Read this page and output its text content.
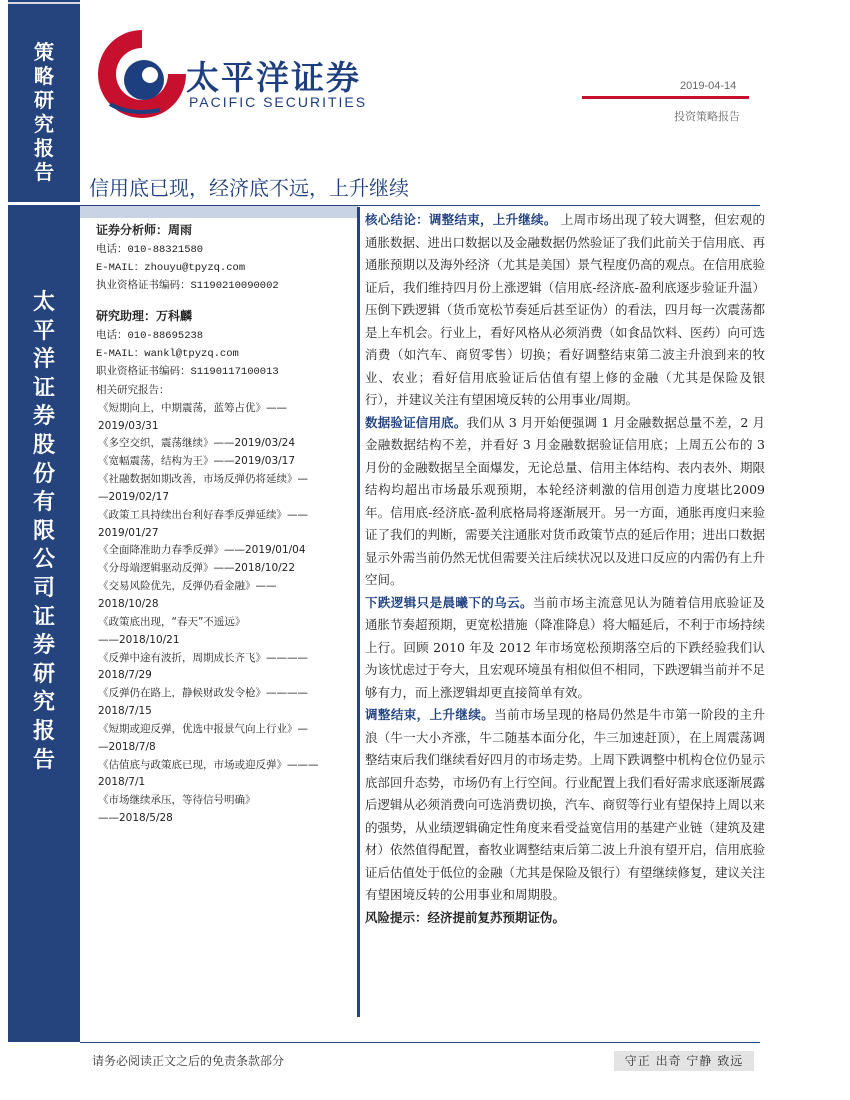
策
略
研
究
报
告
太
平
洋
证
券
股
份
有
限
公
司
证
券
研
究
报
告
太平洋证券
PACIFIC SECURITIES
2019-04-14
投资策略报告
信用底已现，经济底不远，上升继续
证券分析师：周雨
电话：010-88321580
E-MAIL：zhouyu@tpyzq.com
执业资格证书编码：S1190210090002
研究助理：万科麟
电话：010-88695238
E-MAIL：wankl@tpyzq.com
职业资格证书编码：S1190117100013
相关研究报告：
《短期向上，中期震荡，蓝筹占优》——
2019/03/31
《多空交织，震荡继续》——2019/03/24
《宽幅震荡，结构为王》——2019/03/17
《社融数据如期改善，市场反弹仍将延续》—
—2019/02/17
《政策工具持续出台利好春季反弹延续》——
2019/01/27
《全面降准助力春季反弹》——2019/01/04
《分母端逻辑驱动反弹》——2018/10/22
《交易风险优先，反弹仍看金融》——
2018/10/28
《政策底出现，“春天”不遥远》
——2018/10/21
《反弹中途有波折，周期成长齐飞》————
2018/7/29
《反弹仍在路上，静候财政发令枪》————
2018/7/15
《短期或迎反弹，优选中报景气向上行业》—
—2018/7/8
《估值底与政策底已现，市场或迎反弹》———
2018/7/1
《市场继续承压，等待信号明确》
——2018/5/28

核心结论：调整结束，上升继续。 上周市场出现了较大调整，但宏观的通胀数据、进出口数据以及金融数据仍然验证了我们此前关于信用底、再通胀预期以及海外经济（尤其是美国）景气程度仍高的观点。在信用底验证后，我们维持四月份上涨逻辑（信用底-经济底-盈利底逐步验证升温）压倒下跌逻辑（货币宽松节奏延后甚至证伪）的看法，四月每一次震荡都是上车机会。行业上，看好风格从必须消费（如食品饮料、医药）向可选消费（如汽车、商贸零售）切换；看好调整结束第二波主升浪到来的牧业、农业；看好信用底验证后估值有望上修的金融（尤其是保险及银行），并建议关注有望困境反转的公用事业/周期。

数据验证信用底。我们从 3 月开始便强调 1 月金融数据总量不差，2 月金融数据结构不差，并看好 3 月金融数据验证信用底；上周五公布的 3 月份的金融数据呈全面爆发，无论总量、信用主体结构、表内表外、期限结构均超出市场最乐观预期，本轮经济刺激的信用创造力度堪比2009 年。信用底-经济底-盈利底格局将逐渐展开。另一方面，通胀再度归来验证了我们的判断，需要关注通胀对货币政策节点的延后作用；进出口数据显示外需当前仍然无忧但需要关注后续状况以及进口反应的内需仍有上升空间。

下跌逻辑只是晨曦下的乌云。当前市场主流意见认为随着信用底验证及通胀节奏超预期，更宽松措施（降准降息）将大幅延后，不利于市场持续上行。回顾 2010 年及 2012 年市场宽松预期落空后的下跌经验我们认为该忧虑过于夸大，且宏观环境虽有相似但不相同，下跌逻辑当前并不足够有力，而上涨逻辑却更直接简单有效。

调整结束，上升继续。当前市场呈现的格局仍然是牛市第一阶段的主升浪（牛一大小齐涨，牛二随基本面分化，牛三加速赶顶），在上周震荡调整结束后我们继续看好四月的市场走势。上周下跌调整中机构仓位仍显示底部回升态势，市场仍有上行空间。行业配置上我们看好需求底逐渐展露后逻辑从必须消费向可选消费切换，汽车、商贸等行业有望保持上周以来的强势，从业绩逻辑确定性角度来看受益宽信用的基建产业链（建筑及建材）依然值得配置，畜牧业调整结束后第二波上升浪有望开启，信用底验证后估值处于低位的金融（尤其是保险及银行）有望继续修复，建议关注有望困境反转的公用事业和周期股。

风险提示：经济提前复苏预期证伪。

请务必阅读正文之后的免责条款部分	守正 出奇 宁静 致远
